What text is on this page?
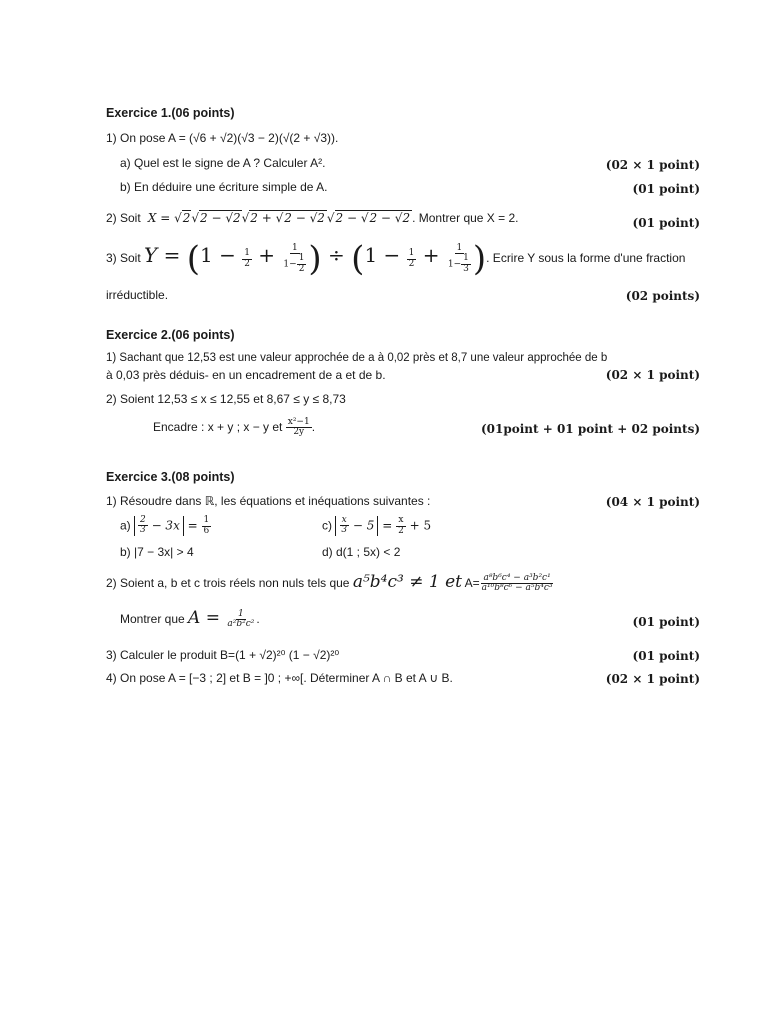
Exercice 1.(06 points)
1) On pose A = (√6 + √2)(√3 − 2)(√(2 + √3)).
a) Quel est le signe de A ? Calculer A².	(02 × 1 point)
b) En déduire une écriture simple de A.	(01 point)
2) Soit  X = √2√2 − √2√2 + √2 − √2 √2 − √2 − √2 . Montrer que X = 2.	(01 point)
3) Soit $Y = (1 - \frac{1}{2} + \frac{1}{1- \frac{1}{2}}$ ) ÷ ($1 - \frac{1}{2} + \frac{1}{1- \frac{1}{3}}$ ). Ecrire Y sous la forme d'une fraction
irréductible.	(02 points)
Exercice 2.(06 points)
1) Sachant que 12,53 est une valeur approchée de a à 0,02 près et 8,7 une valeur approchée de b
à 0,03 près déduis- en un encadrement de a et de b.	(02 × 1 point)
2) Soient 12,53 ≤ x ≤ 12,55 et 8,67 ≤ y ≤ 8,73
Encadre : x + y ; x − y et $\frac{\text{x²−1}}{2y}$ .	(01point + 01 point + 02 points)
Exercice 3.(08 points)
1) Résoudre dans ℝ, les équations et inéquations suivantes :	(04 × 1 point)
$a) \frac{2}{3} - 3x = \frac{1}{6}$	$c) \frac{x}{3} - 5 = \frac{x}{2} + 5$
b) |7 − 3x| > 4	d) d(1 ; 5x) < 2
2) Soient a, b et c trois réels non nuls tels que a⁵b⁴c³ ≠ 1 et $A= \frac{\text{a⁸b⁶c⁴ − a³b²c¹}}{\text{a¹⁰b⁸c⁶ − a⁵b⁴c³}}$
Montrer que $A = \frac{1}{\text{a²b²c²}}$ .	(01 point)
3) Calculer le produit B=(1 + √2)²⁰ (1 − √2)²⁰	(01 point)
4) On pose A = [−3 ; 2] et B = ]0 ; +∞[. Déterminer A ∩ B et A ∪ B.	(02 × 1 point)
